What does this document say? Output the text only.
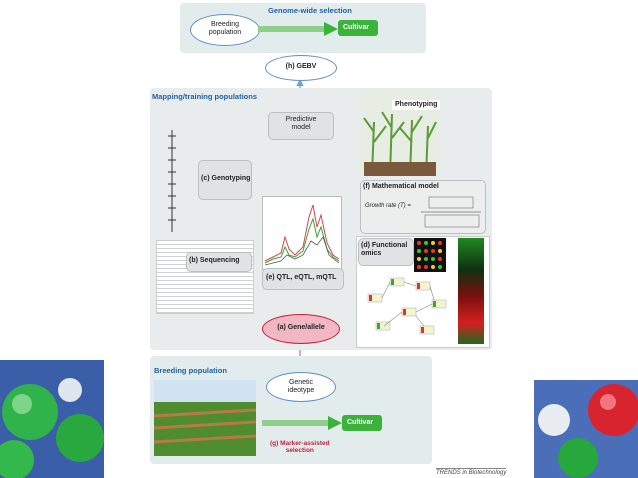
Genome-wide selection
Breeding
population
Cultivar
(h) GEBV
Mapping/training populations
Predictive
model
Phenotyping
(c) Genotyping
(b) Sequencing
(e) QTL, eQTL, mQTL
(f) Mathematical model
Growth rate (T) =
(d) Functional
omics
(a) Gene/allele
Breeding population
Genetic
ideotype
Cultivar
(g) Marker-assisted
selection
TRENDS in Biotechnology
